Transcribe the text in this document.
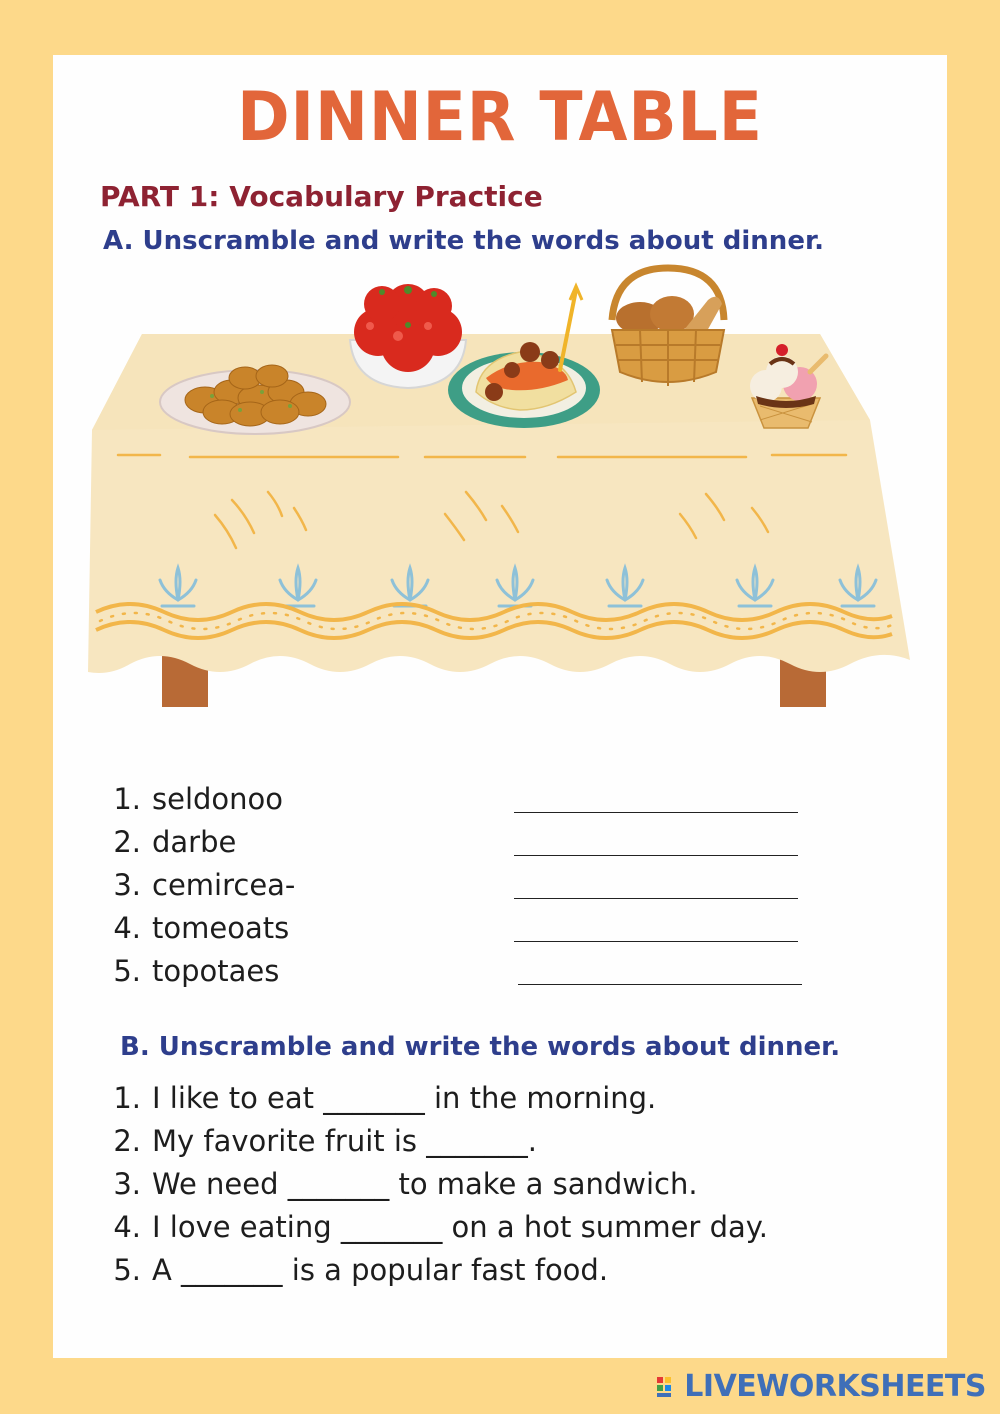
DINNER TABLE
PART 1: Vocabulary Practice
A. Unscramble and write the words about dinner.
1. seldonoo
2. darbe
3. cemircea-
4. tomeoats
5. topotaes
B. Unscramble and write the words about dinner.
1. I like to eat _______ in the morning.
2. My favorite fruit is _______.
3. We need _______ to make a sandwich.
4. I love eating _______ on a hot summer day.
5. A _______ is a popular fast food.
LIVEWORKSHEETS
